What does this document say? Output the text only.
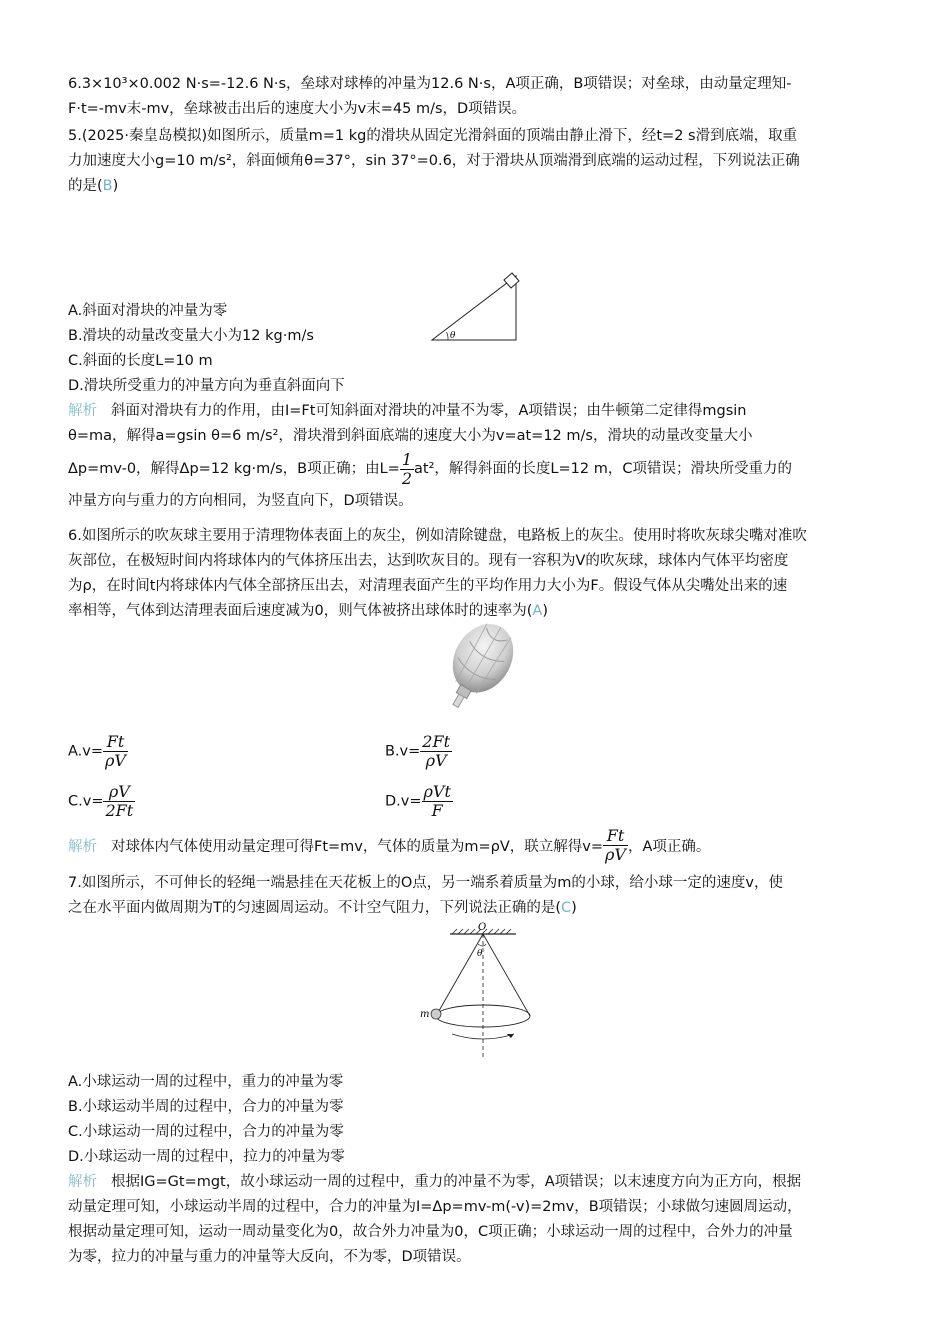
6.3×10³×0.002 N·s=-12.6 N·s，垒球对球棒的冲量为12.6 N·s，A项正确，B项错误；对垒球，由动量定理知-
F·t=-mv末-mv，垒球被击出后的速度大小为v末=45 m/s，D项错误。
5.(2025·秦皇岛模拟)如图所示，质量m=1 kg的滑块从固定光滑斜面的顶端由静止滑下，经t=2 s滑到底端，取重
力加速度大小g=10 m/s²，斜面倾角θ=37°，sin 37°=0.6，对于滑块从顶端滑到底端的运动过程，下列说法正确
的是(B)
θ
A.斜面对滑块的冲量为零
B.滑块的动量改变量大小为12 kg·m/s
C.斜面的长度L=10 m
D.滑块所受重力的冲量方向为垂直斜面向下
解析 斜面对滑块有力的作用，由I=Ft可知斜面对滑块的冲量不为零，A项错误；由牛顿第二定律得mgsin
θ=ma，解得a=gsin θ=6 m/s²，滑块滑到斜面底端的速度大小为v=at=12 m/s，滑块的动量改变量大小
Δp=mv-0，解得Δp=12 kg·m/s，B项正确；由$L= \frac{1}{2} at^2$，解得斜面的长度L=12 m，C项错误；滑块所受重力的
冲量方向与重力的方向相同，为竖直向下，D项错误。
6.如图所示的吹灰球主要用于清理物体表面上的灰尘，例如清除键盘，电路板上的灰尘。使用时将吹灰球尖嘴对准吹
灰部位，在极短时间内将球体内的气体挤压出去，达到吹灰目的。现有一容积为V的吹灰球，球体内气体平均密度
为ρ，在时间t内将球体内气体全部挤压出去，对清理表面产生的平均作用力大小为F。假设气体从尖嘴处出来的速
率相等，气体到达清理表面后速度减为0，则气体被挤出球体时的速率为(A)
$A.v= \frac{Ft}{\rho V}$	$B.v= \frac{2Ft}{\rho V}$
$C.v= \frac{\rho V}{2Ft}$	$D.v= \frac{\text{ρVt}}{F}$
解析 对球体内气体使用动量定理可得Ft=mv，气体的质量为m=ρV，联立解得$v= \frac{Ft}{\rho V}$ ，A项正确。
7.如图所示，不可伸长的轻绳一端悬挂在天花板上的O点，另一端系着质量为m的小球，给小球一定的速度v，使
之在水平面内做周期为T的匀速圆周运动。不计空气阻力，下列说法正确的是(C)
O
θ
m
A.小球运动一周的过程中，重力的冲量为零
B.小球运动半周的过程中，合力的冲量为零
C.小球运动一周的过程中，合力的冲量为零
D.小球运动一周的过程中，拉力的冲量为零
解析 根据IG=Gt=mgt，故小球运动一周的过程中，重力的冲量不为零，A项错误；以末速度方向为正方向，根据
动量定理可知，小球运动半周的过程中，合力的冲量为I=Δp=mv-m(-v)=2mv，B项错误；小球做匀速圆周运动，
根据动量定理可知，运动一周动量变化为0，故合外力冲量为0，C项正确；小球运动一周的过程中，合外力的冲量
为零，拉力的冲量与重力的冲量等大反向，不为零，D项错误。
